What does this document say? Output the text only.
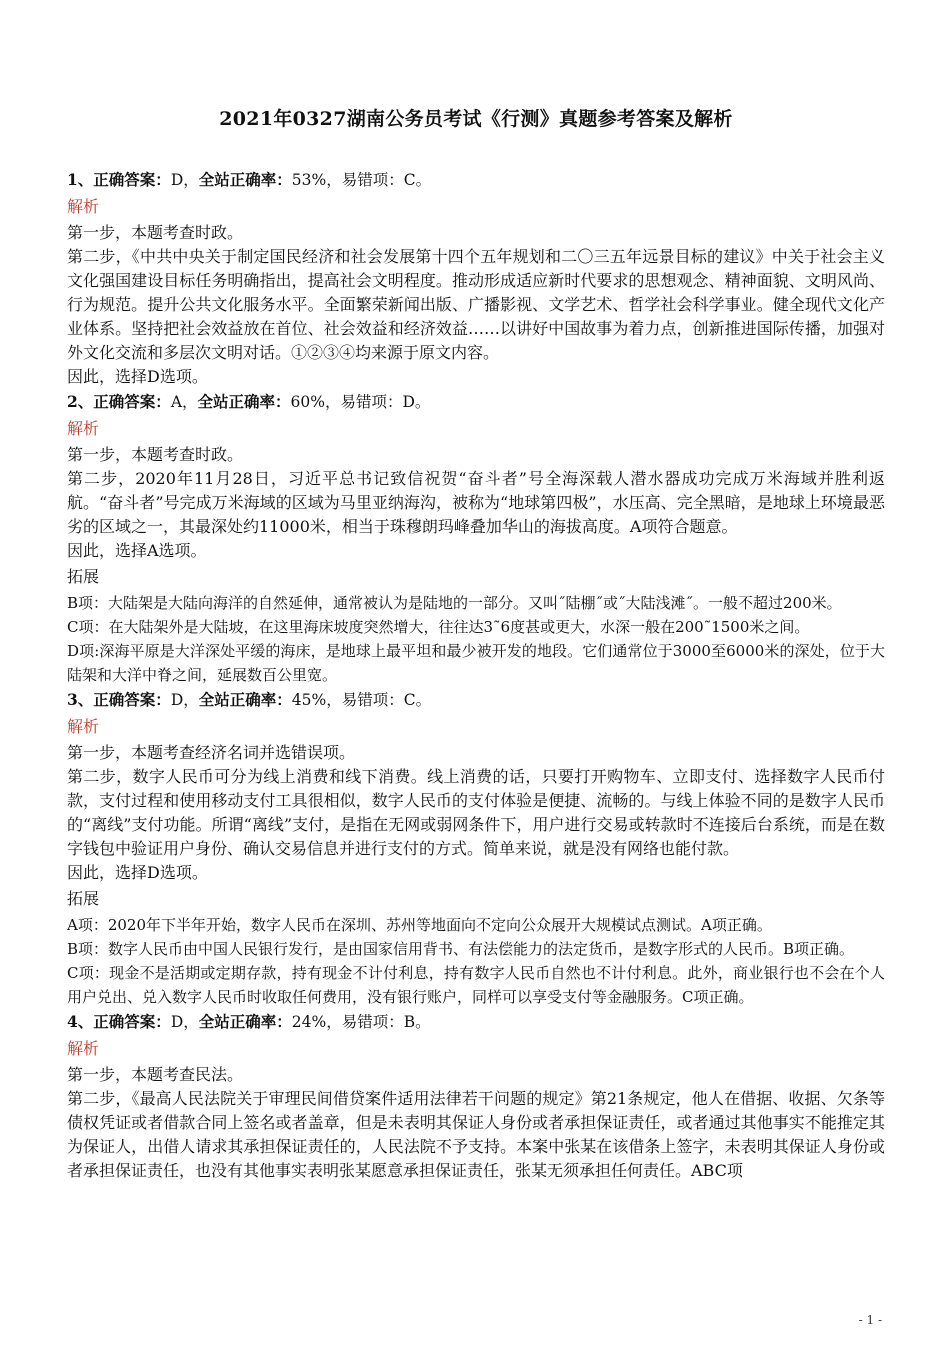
2021年0327湖南公务员考试《行测》真题参考答案及解析

1、正确答案：D，全站正确率：53%，易错项：C。

解析

第一步，本题考查时政。

第二步，《中共中央关于制定国民经济和社会发展第十四个五年规划和二〇三五年远景目标的建议》中关于社会主义文化强国建设目标任务明确指出，提高社会文明程度。推动形成适应新时代要求的思想观念、精神面貌、文明风尚、行为规范。提升公共文化服务水平。全面繁荣新闻出版、广播影视、文学艺术、哲学社会科学事业。健全现代文化产业体系。坚持把社会效益放在首位、社会效益和经济效益……以讲好中国故事为着力点，创新推进国际传播，加强对外文化交流和多层次文明对话。①②③④均来源于原文内容。

因此，选择D选项。

2、正确答案：A，全站正确率：60%，易错项：D。

解析

第一步，本题考查时政。

第二步，2020年11月28日，习近平总书记致信祝贺“奋斗者”号全海深载人潜水器成功完成万米海域并胜利返航。“奋斗者”号完成万米海域的区域为马里亚纳海沟，被称为“地球第四极”，水压高、完全黑暗，是地球上环境最恶劣的区域之一，其最深处约11000米，相当于珠穆朗玛峰叠加华山的海拔高度。A项符合题意。

因此，选择A选项。

拓展

B项：大陆架是大陆向海洋的自然延伸，通常被认为是陆地的一部分。又叫˝陆棚˝或˝大陆浅滩˝。一般不超过200米。

C项：在大陆架外是大陆坡，在这里海床坡度突然增大，往往达3˜6度甚或更大，水深一般在200˜1500米之间。

D项:深海平原是大洋深处平缓的海床，是地球上最平坦和最少被开发的地段。它们通常位于3000至6000米的深处，位于大陆架和大洋中脊之间，延展数百公里宽。

3、正确答案：D，全站正确率：45%，易错项：C。

解析

第一步，本题考查经济名词并选错误项。

第二步，数字人民币可分为线上消费和线下消费。线上消费的话，只要打开购物车、立即支付、选择数字人民币付款，支付过程和使用移动支付工具很相似，数字人民币的支付体验是便捷、流畅的。与线上体验不同的是数字人民币的“离线”支付功能。所谓“离线”支付，是指在无网或弱网条件下，用户进行交易或转款时不连接后台系统，而是在数字钱包中验证用户身份、确认交易信息并进行支付的方式。简单来说，就是没有网络也能付款。

因此，选择D选项。

拓展

A项：2020年下半年开始，数字人民币在深圳、苏州等地面向不定向公众展开大规模试点测试。A项正确。

B项：数字人民币由中国人民银行发行，是由国家信用背书、有法偿能力的法定货币，是数字形式的人民币。B项正确。

C项：现金不是活期或定期存款，持有现金不计付利息，持有数字人民币自然也不计付利息。此外，商业银行也不会在个人用户兑出、兑入数字人民币时收取任何费用，没有银行账户，同样可以享受支付等金融服务。C项正确。

4、正确答案：D，全站正确率：24%，易错项：B。

解析

第一步，本题考查民法。

第二步，《最高人民法院关于审理民间借贷案件适用法律若干问题的规定》第21条规定，他人在借据、收据、欠条等债权凭证或者借款合同上签名或者盖章，但是未表明其保证人身份或者承担保证责任，或者通过其他事实不能推定其为保证人，出借人请求其承担保证责任的，人民法院不予支持。本案中张某在该借条上签字，未表明其保证人身份或者承担保证责任，也没有其他事实表明张某愿意承担保证责任，张某无须承担任何责任。ABC项

- 1 -
